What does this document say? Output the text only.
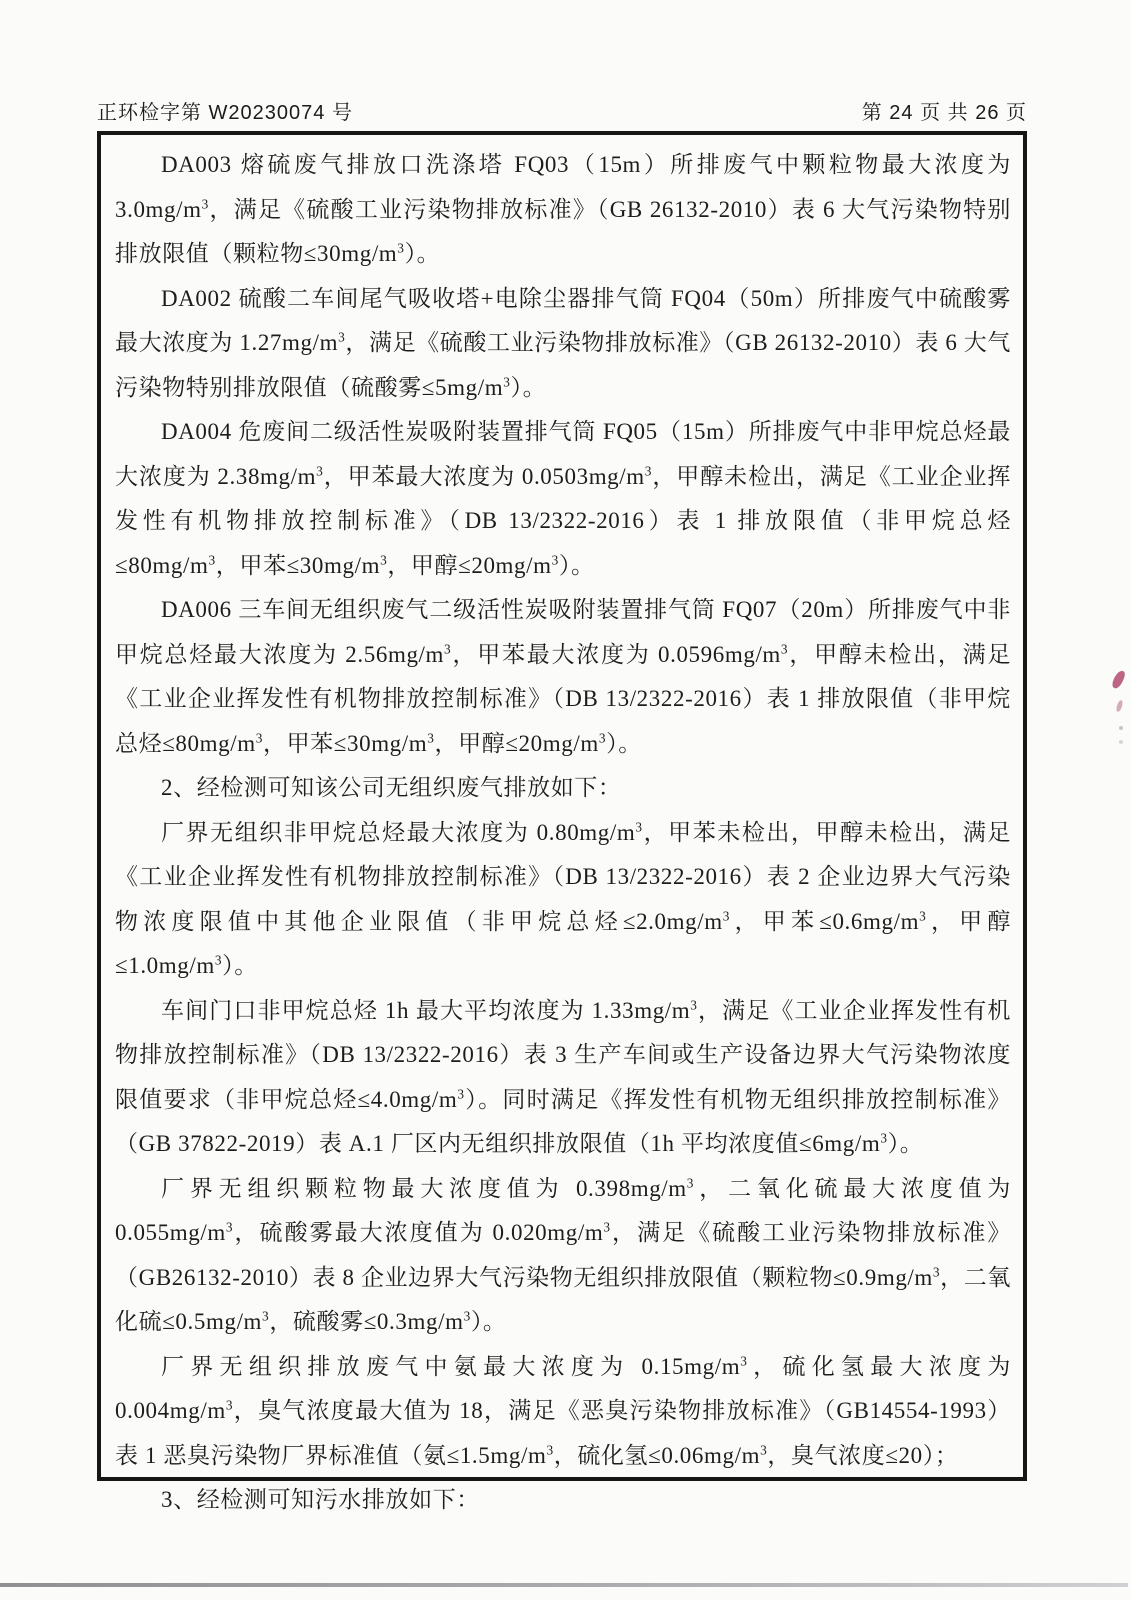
正环检字第 W20230074 号	第 24 页 共 26 页

DA003 熔硫废气排放口洗涤塔 FQ03（15m）所排废气中颗粒物最大浓度为 $3.0mg/m^3$，满足《硫酸工业污染物排放标准》（GB 26132-2010）表 6 大气污染物特别排放限值（颗粒物$\le 30mg/m^3$）。

DA002 硫酸二车间尾气吸收塔+电除尘器排气筒 FQ04（50m）所排废气中硫酸雾最大浓度为 $1.27mg/m^3$，满足《硫酸工业污染物排放标准》（GB 26132-2010）表 6 大气污染物特别排放限值（硫酸雾$\le 5mg/m^3$）。

DA004 危废间二级活性炭吸附装置排气筒 FQ05（15m）所排废气中非甲烷总烃最大浓度为 $2.38mg/m^3$，甲苯最大浓度为 $0.0503mg/m^3$，甲醇未检出，满足《工业企业挥发性有机物排放控制标准》（DB 13/2322-2016）表 1 排放限值（非甲烷总烃$\le 80mg/m^3$，甲苯$\le 30mg/m^3$，甲醇$\le 20mg/m^3$）。

DA006 三车间无组织废气二级活性炭吸附装置排气筒 FQ07（20m）所排废气中非甲烷总烃最大浓度为 $2.56mg/m^3$，甲苯最大浓度为 $0.0596mg/m^3$，甲醇未检出，满足《工业企业挥发性有机物排放控制标准》（DB 13/2322-2016）表 1 排放限值（非甲烷总烃$\le 80mg/m^3$，甲苯$\le 30mg/m^3$，甲醇$\le 20mg/m^3$）。

2、经检测可知该公司无组织废气排放如下：

厂界无组织非甲烷总烃最大浓度为 $0.80mg/m^3$，甲苯未检出，甲醇未检出，满足《工业企业挥发性有机物排放控制标准》（DB 13/2322-2016）表 2 企业边界大气污染物浓度限值中其他企业限值（非甲烷总烃$\le 2.0mg/m^3$，甲苯$\le 0.6mg/m^3$，甲醇$\le 1.0mg/m^3$）。

车间门口非甲烷总烃 1h 最大平均浓度为 $1.33mg/m^3$，满足《工业企业挥发性有机物排放控制标准》（DB 13/2322-2016）表 3 生产车间或生产设备边界大气污染物浓度限值要求（非甲烷总烃$\le 4.0mg/m^3$）。同时满足《挥发性有机物无组织排放控制标准》（GB 37822-2019）表 A.1 厂区内无组织排放限值（1h 平均浓度值$\le 6mg/m^3$）。

厂界无组织颗粒物最大浓度值为 $0.398mg/m^3$，二氧化硫最大浓度值为 $0.055mg/m^3$，硫酸雾最大浓度值为 $0.020mg/m^3$，满足《硫酸工业污染物排放标准》（GB26132-2010）表 8 企业边界大气污染物无组织排放限值（颗粒物$\le 0.9mg/m^3$，二氧化硫$\le 0.5mg/m^3$，硫酸雾$\le 0.3mg/m^3$）。

厂界无组织排放废气中氨最大浓度为 $0.15mg/m^3$，硫化氢最大浓度为 $0.004mg/m^3$，臭气浓度最大值为 18，满足《恶臭污染物排放标准》（GB14554-1993）表 1 恶臭污染物厂界标准值（氨$\le 1.5mg/m^3$，硫化氢$\le 0.06mg/m^3$，臭气浓度≤20）；

3、经检测可知污水排放如下：
